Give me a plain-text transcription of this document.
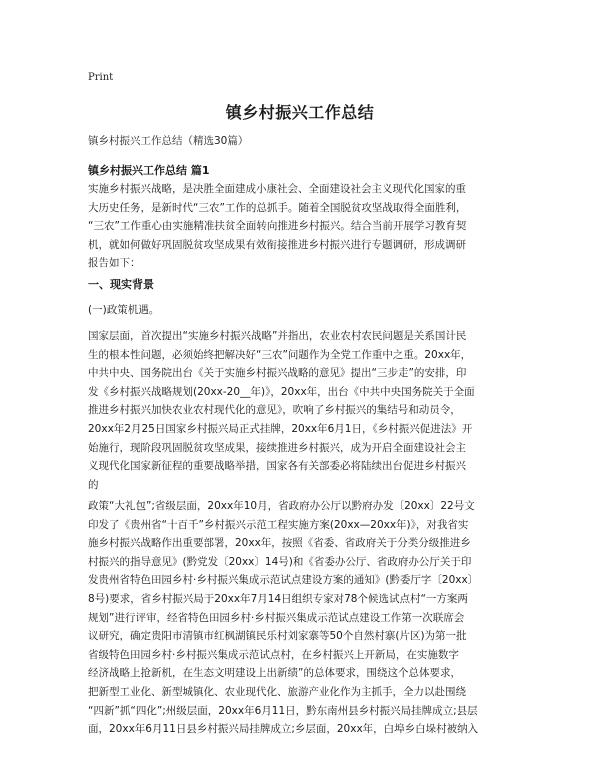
Print
镇乡村振兴工作总结
镇乡村振兴工作总结（精选30篇）
镇乡村振兴工作总结 篇1
实施乡村振兴战略，是决胜全面建成小康社会、全面建设社会主义现代化国家的重
大历史任务，是新时代“三农”工作的总抓手。随着全国脱贫攻坚战取得全面胜利，
“三农”工作重心由实施精准扶贫全面转向推进乡村振兴。结合当前开展学习教育契
机，就如何做好巩固脱贫攻坚成果有效衔接推进乡村振兴进行专题调研，形成调研
报告如下：
一、现实背景
(一)政策机遇。
国家层面，首次提出“实施乡村振兴战略”并指出，农业农村农民问题是关系国计民
生的根本性问题，必须始终把解决好“三农”问题作为全党工作重中之重。20xx年，
中共中央、国务院出台《关于实施乡村振兴战略的意见》提出“三步走”的安排，印
发《乡村振兴战略规划(20xx-20__年)》，20xx年，出台《中共中央国务院关于全面
推进乡村振兴加快农业农村现代化的意见》，吹响了乡村振兴的集结号和动员令，
20xx年2月25日国家乡村振兴局正式挂牌，20xx年6月1日，《乡村振兴促进法》开
始施行，现阶段巩固脱贫攻坚成果，接续推进乡村振兴，成为开启全面建设社会主
义现代化国家新征程的重要战略举措，国家各有关部委必将陆续出台促进乡村振兴
的
政策“大礼包”;省级层面，20xx年10月，省政府办公厅以黔府办发〔20xx〕22号文
印发了《贵州省“十百千”乡村振兴示范工程实施方案(20xx—20xx年)》，对我省实
施乡村振兴战略作出重要部署，20xx年，按照《省委、省政府关于分类分级推进乡
村振兴的指导意见》(黔党发〔20xx〕14号)和《省委办公厅、省政府办公厅关于印
发贵州省特色田园乡村·乡村振兴集成示范试点建设方案的通知》(黔委厅字〔20xx〕
8号)要求，省乡村振兴局于20xx年7月14日组织专家对78个候选试点村“一方案两
规划”进行评审，经省特色田园乡村·乡村振兴集成示范试点建设工作第一次联席会
议研究，确定贵阳市清镇市红枫湖镇民乐村刘家寨等50个自然村寨(片区)为第一批
省级特色田园乡村·乡村振兴集成示范试点村，在乡村振兴上开新局，在实施数字
经济战略上抢新机，在生态文明建设上出新绩”的总体要求，围绕这个总体要求，
把新型工业化、新型城镇化、农业现代化、旅游产业化作为主抓手，全力以赴围绕
“四新”抓“四化”;州级层面，20xx年6月11日，黔东南州县乡村振兴局挂牌成立;县层
面，20xx年6月11日县乡村振兴局挂牌成立;乡层面，20xx年，白埠乡白垛村被纳入
